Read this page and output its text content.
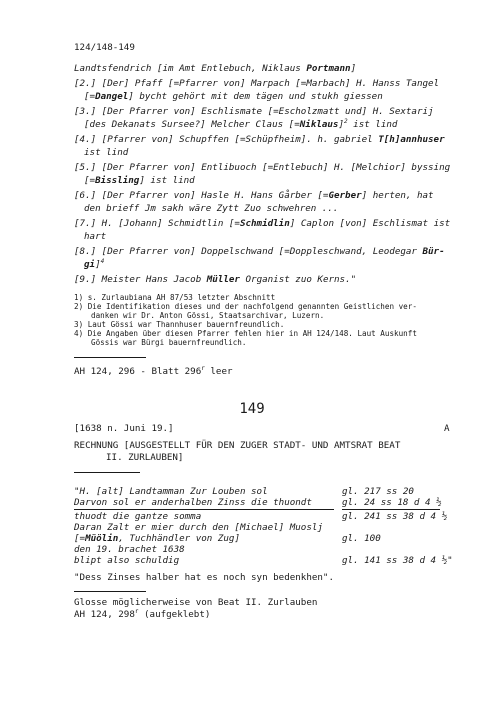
124/148-149
Landtsfendrich [im Amt Entlebuch, Niklaus Portmann]
[2.] [Der] Pfaff [=Pfarrer von] Marpach [=Marbach] H. Hanss Tangel
[=Dangel] bycht gehört mit dem tägen und stukh giessen
[3.] [Der Pfarrer von] Eschlismate [=Escholzmatt und] H. Sextarij
[des Dekanats Sursee?] Melcher Claus [=Niklaus]$^2$ ist lind
[4.] [Pfarrer von] Schupffen [=Schüpfheim]. h. gabriel T[h]annhuser
ist lind
[5.] [Der Pfarrer von] Entlibuoch [=Entlebuch] H. [Melchior] byssing
[=Bissling] ist lind
[6.] [Der Pfarrer von] Hasle H. Hans Gårber [=Gerber] herten, hat
den brieff Jm sakh wäre Zytt Zuo schwehren ...
[7.] H. [Johann] Schmidtlin [=Schmidlin] Caplon [von] Eschlismat ist
hart
[8.] [Der Pfarrer von] Doppelschwand [=Doppleschwand, Leodegar Bür-
gi]$^4$
[9.] Meister Hans Jacob Müller Organist zuo Kerns."
1) s. Zurlaubiana AH 87/53 letzter Abschnitt
2) Die Identifikation dieses und der nachfolgend genannten Geistlichen ver-
danken wir Dr. Anton Gössi, Staatsarchivar, Luzern.
3) Laut Gössi war Thannhuser bauernfreundlich.
4) Die Angaben über diesen Pfarrer fehlen hier in AH 124/148. Laut Auskunft
Gössis war Bürgi bauernfreundlich.
AH 124, 296 - Blatt 296$^r$ leer
149
[1638 n. Juni 19.]	A
RECHNUNG [AUSGESTELLT FÜR DEN ZUGER STADT- UND AMTSRAT BEAT
II. ZURLAUBEN]
"H. [alt] Landtamman Zur Louben sol	gl. 217 ss 20
Darvon sol er anderhalben Zinss die thuondt	gl. 24 ss 18 d 4 ½
thuodt die gantze somma	gl. 241 ss 38 d 4 ½
Daran Zalt er mier durch den [Michael] Muoslj
[=Müölin, Tuchhändler von Zug]	gl. 100
den 19. brachet 1638
blipt also schuldig	gl. 141 ss 38 d 4 ½"
"Dess Zinses halber hat es noch syn bedenkhen".
Glosse möglicherweise von Beat II. Zurlauben
AH 124, 298$^r$ (aufgeklebt)
